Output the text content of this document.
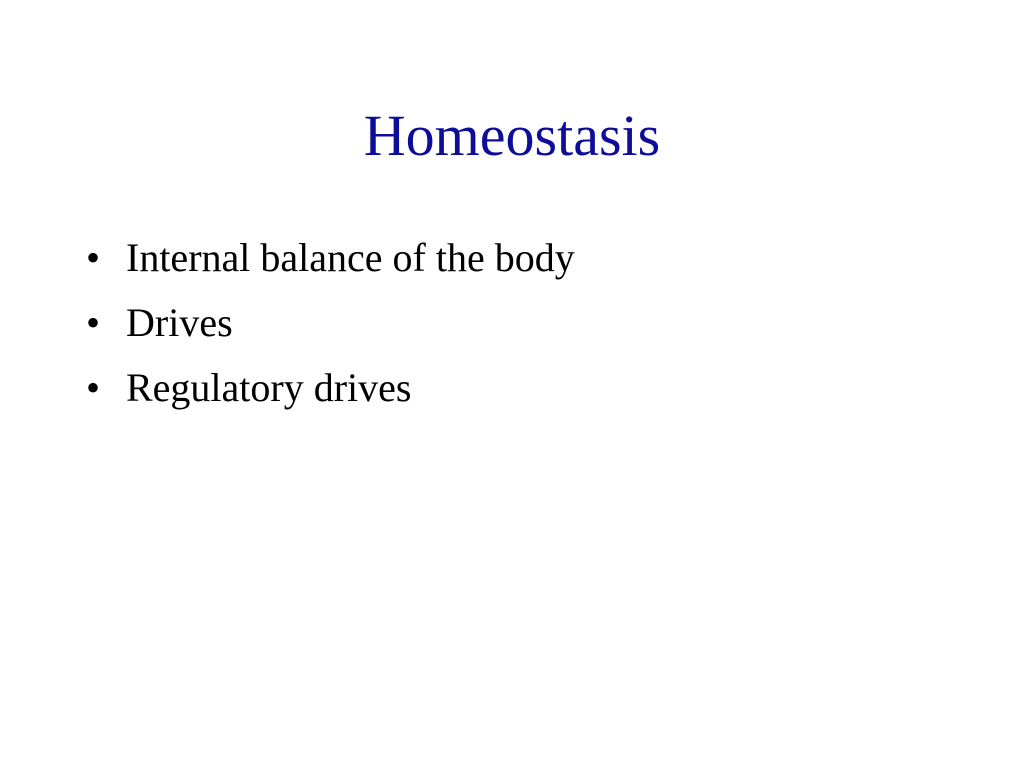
Homeostasis
• Internal balance of the body
• Drives
• Regulatory drives
